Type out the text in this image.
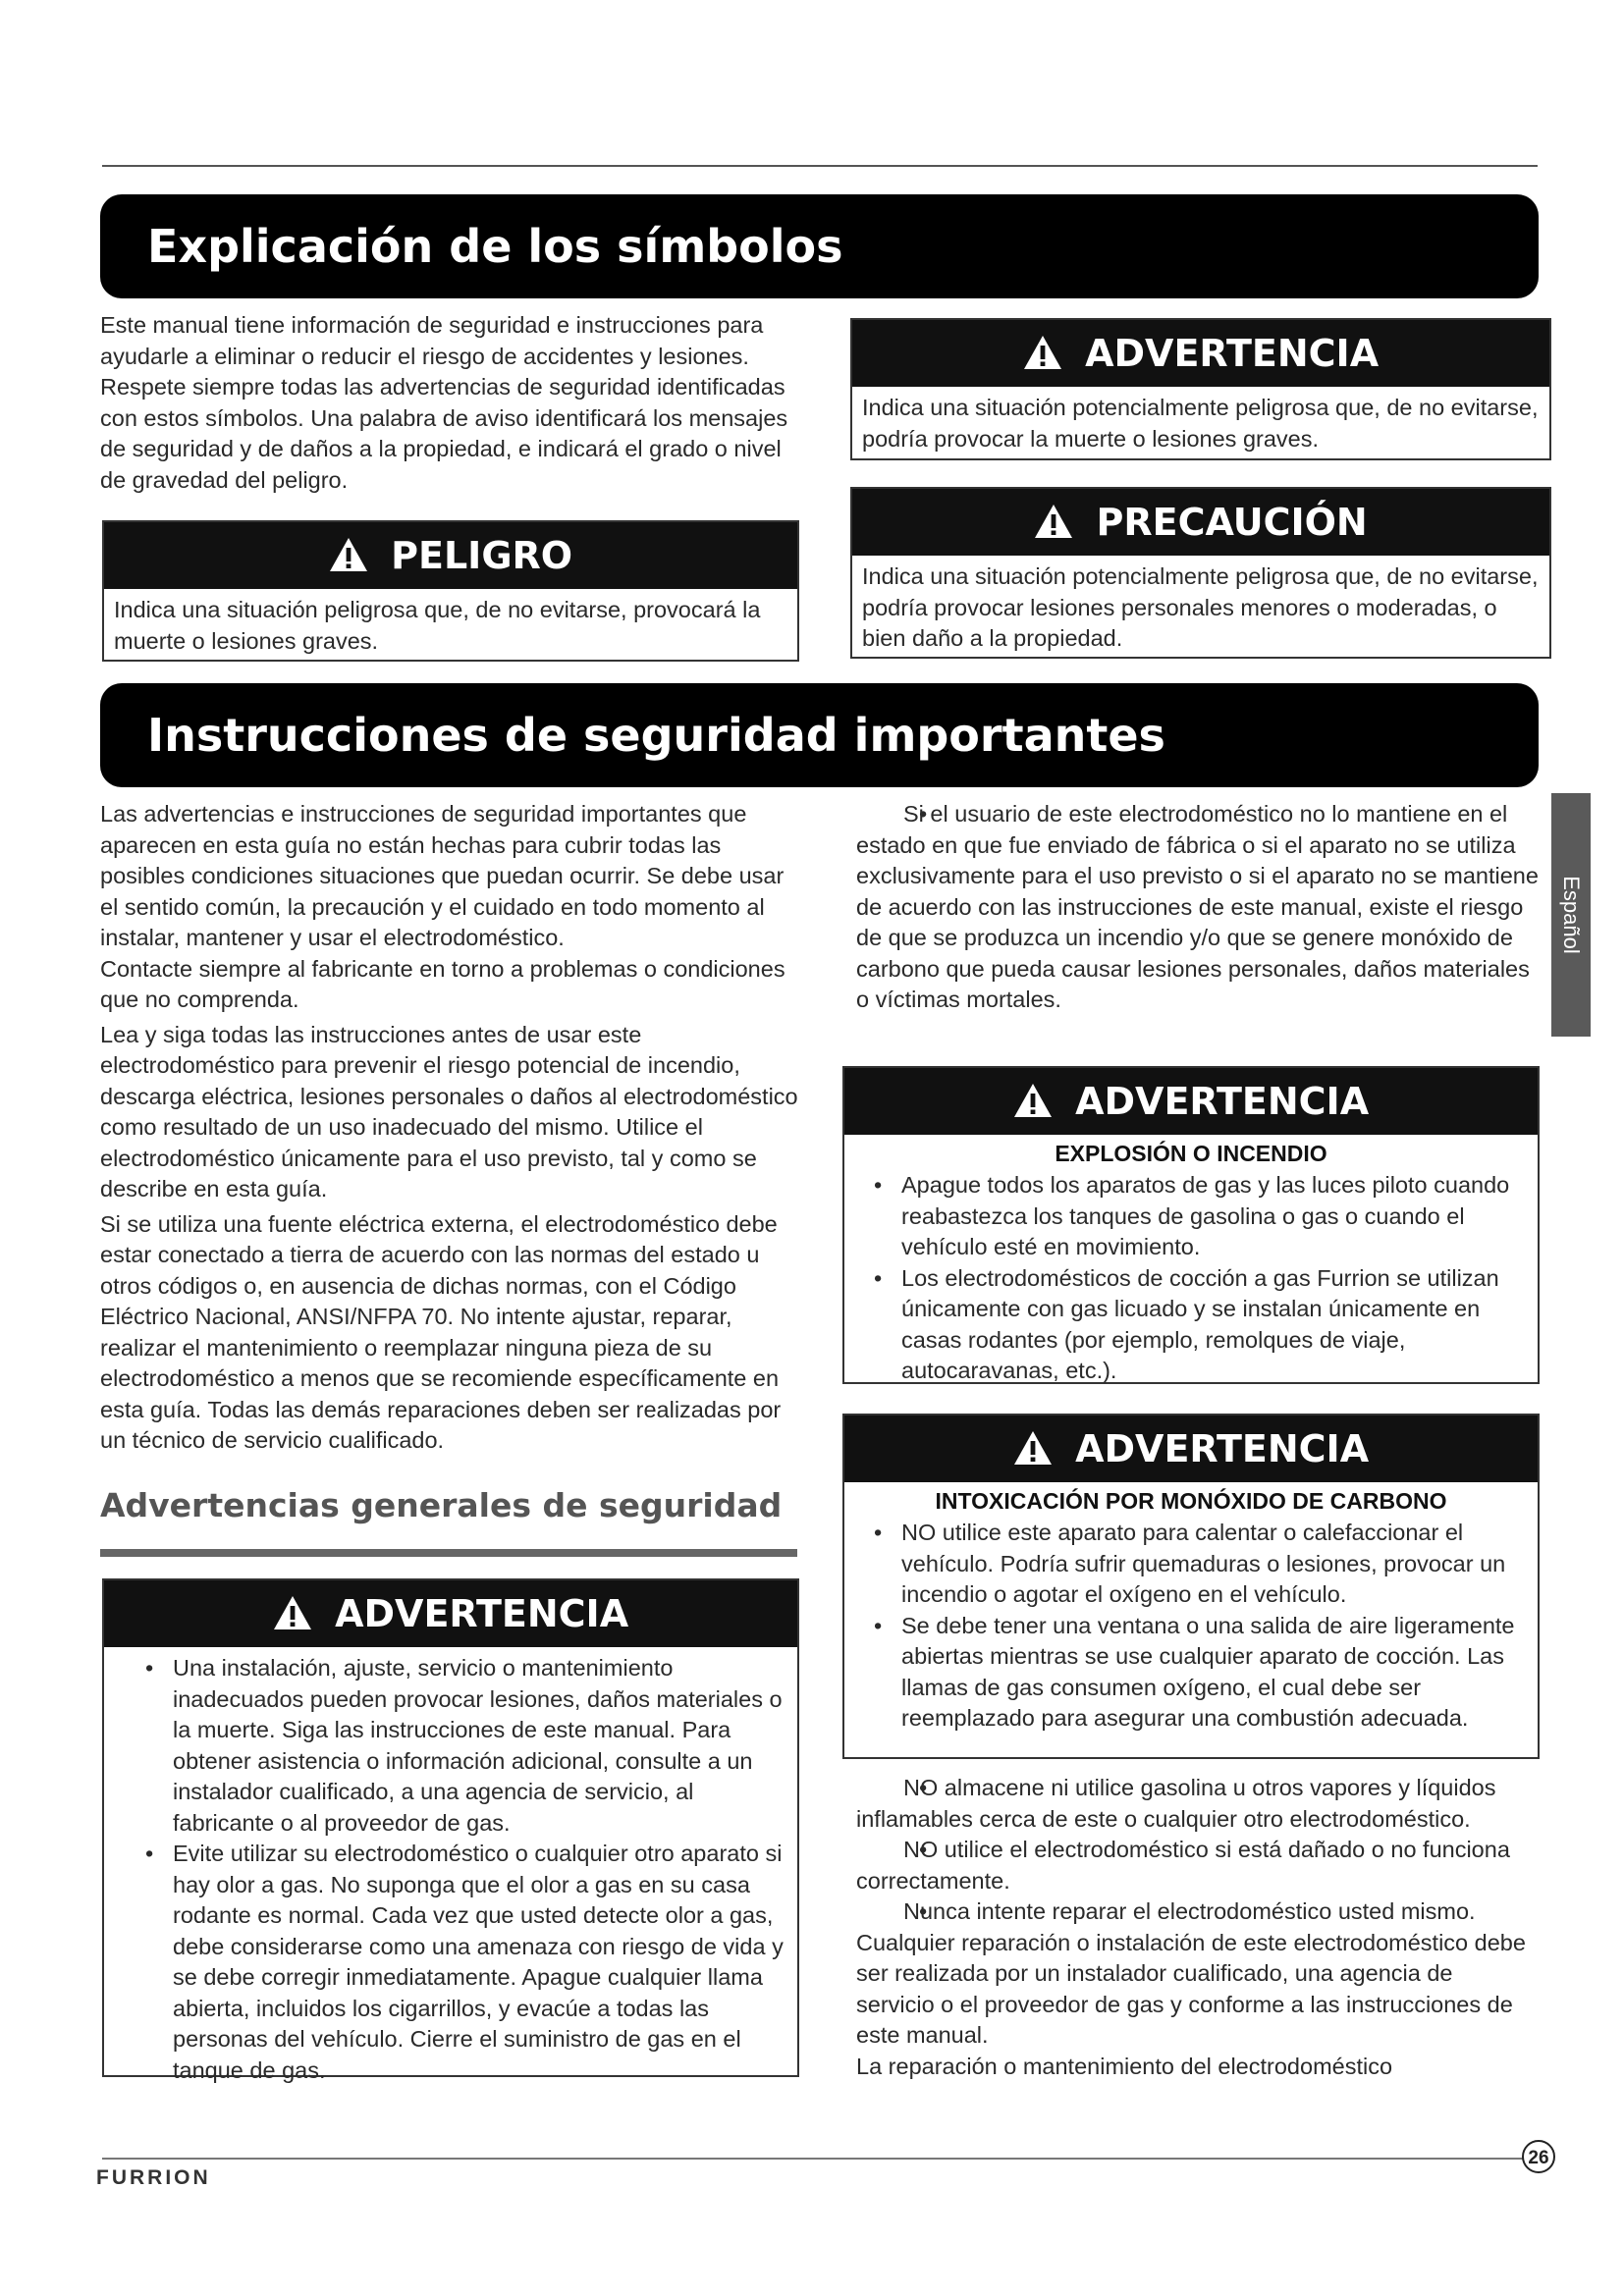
Explicación de los símbolos

Este manual tiene información de seguridad e instrucciones para ayudarle a eliminar o reducir el riesgo de accidentes y lesiones. Respete siempre todas las advertencias de seguridad identificadas con estos símbolos. Una palabra de aviso identificará los mensajes de seguridad y de daños a la propiedad, e indicará el grado o nivel de gravedad del peligro.

PELIGRO
Indica una situación peligrosa que, de no evitarse, provocará la muerte o lesiones graves.
ADVERTENCIA
Indica una situación potencialmente peligrosa que, de no evitarse, podría provocar la muerte o lesiones graves.
PRECAUCIÓN
Indica una situación potencialmente peligrosa que, de no evitarse, podría provocar lesiones personales menores o moderadas, o bien daño a la propiedad.
Instrucciones de seguridad importantes

Las advertencias e instrucciones de seguridad importantes que aparecen en esta guía no están hechas para cubrir todas las posibles condiciones situaciones que puedan ocurrir. Se debe usar el sentido común, la precaución y el cuidado en todo momento al instalar, mantener y usar el electrodoméstico.

Contacte siempre al fabricante en torno a problemas o condiciones que no comprenda.

Lea y siga todas las instrucciones antes de usar este electrodoméstico para prevenir el riesgo potencial de incendio, descarga eléctrica, lesiones personales o daños al electrodoméstico como resultado de un uso inadecuado del mismo. Utilice el electrodoméstico únicamente para el uso previsto, tal y como se describe en esta guía.

Si se utiliza una fuente eléctrica externa, el electrodoméstico debe estar conectado a tierra de acuerdo con las normas del estado u otros códigos o, en ausencia de dichas normas, con el Código Eléctrico Nacional, ANSI/NFPA 70. No intente ajustar, reparar, realizar el mantenimiento o reemplazar ninguna pieza de su electrodoméstico a menos que se recomiende específicamente en esta guía. Todas las demás reparaciones deben ser realizadas por un técnico de servicio cualificado.

Advertencias generales de seguridad
ADVERTENCIA
• Una instalación, ajuste, servicio o mantenimiento inadecuados pueden provocar lesiones, daños materiales o la muerte. Siga las instrucciones de este manual. Para obtener asistencia o información adicional, consulte a un instalador cualificado, a una agencia de servicio, al fabricante o al proveedor de gas.
• Evite utilizar su electrodoméstico o cualquier otro aparato si hay olor a gas. No suponga que el olor a gas en su casa rodante es normal. Cada vez que usted detecte olor a gas, debe considerarse como una amenaza con riesgo de vida y se debe corregir inmediatamente. Apague cualquier llama abierta, incluidos los cigarrillos, y evacúe a todas las personas del vehículo. Cierre el suministro de gas en el tanque de gas.
• Si el usuario de este electrodoméstico no lo mantiene en el estado en que fue enviado de fábrica o si el aparato no se utiliza exclusivamente para el uso previsto o si el aparato no se mantiene de acuerdo con las instrucciones de este manual, existe el riesgo de que se produzca un incendio y/o que se genere monóxido de carbono que pueda causar lesiones personales, daños materiales o víctimas mortales.
ADVERTENCIA
EXPLOSIÓN O INCENDIO
• Apague todos los aparatos de gas y las luces piloto cuando reabastezca los tanques de gasolina o gas o cuando el vehículo esté en movimiento.
• Los electrodomésticos de cocción a gas Furrion se utilizan únicamente con gas licuado y se instalan únicamente en casas rodantes (por ejemplo, remolques de viaje, autocaravanas, etc.).
ADVERTENCIA
INTOXICACIÓN POR MONÓXIDO DE CARBONO
• NO utilice este aparato para calentar o calefaccionar el vehículo. Podría sufrir quemaduras o lesiones, provocar un incendio o agotar el oxígeno en el vehículo.
• Se debe tener una ventana o una salida de aire ligeramente abiertas mientras se use cualquier aparato de cocción. Las llamas de gas consumen oxígeno, el cual debe ser reemplazado para asegurar una combustión adecuada.
• NO almacene ni utilice gasolina u otros vapores y líquidos inflamables cerca de este o cualquier otro electrodoméstico.
• NO utilice el electrodoméstico si está dañado o no funciona correctamente.
• Nunca intente reparar el electrodoméstico usted mismo. Cualquier reparación o instalación de este electrodoméstico debe ser realizada por un instalador cualificado, una agencia de servicio o el proveedor de gas y conforme a las instrucciones de este manual.
La reparación o mantenimiento del electrodoméstico
Español
FURRION
26
